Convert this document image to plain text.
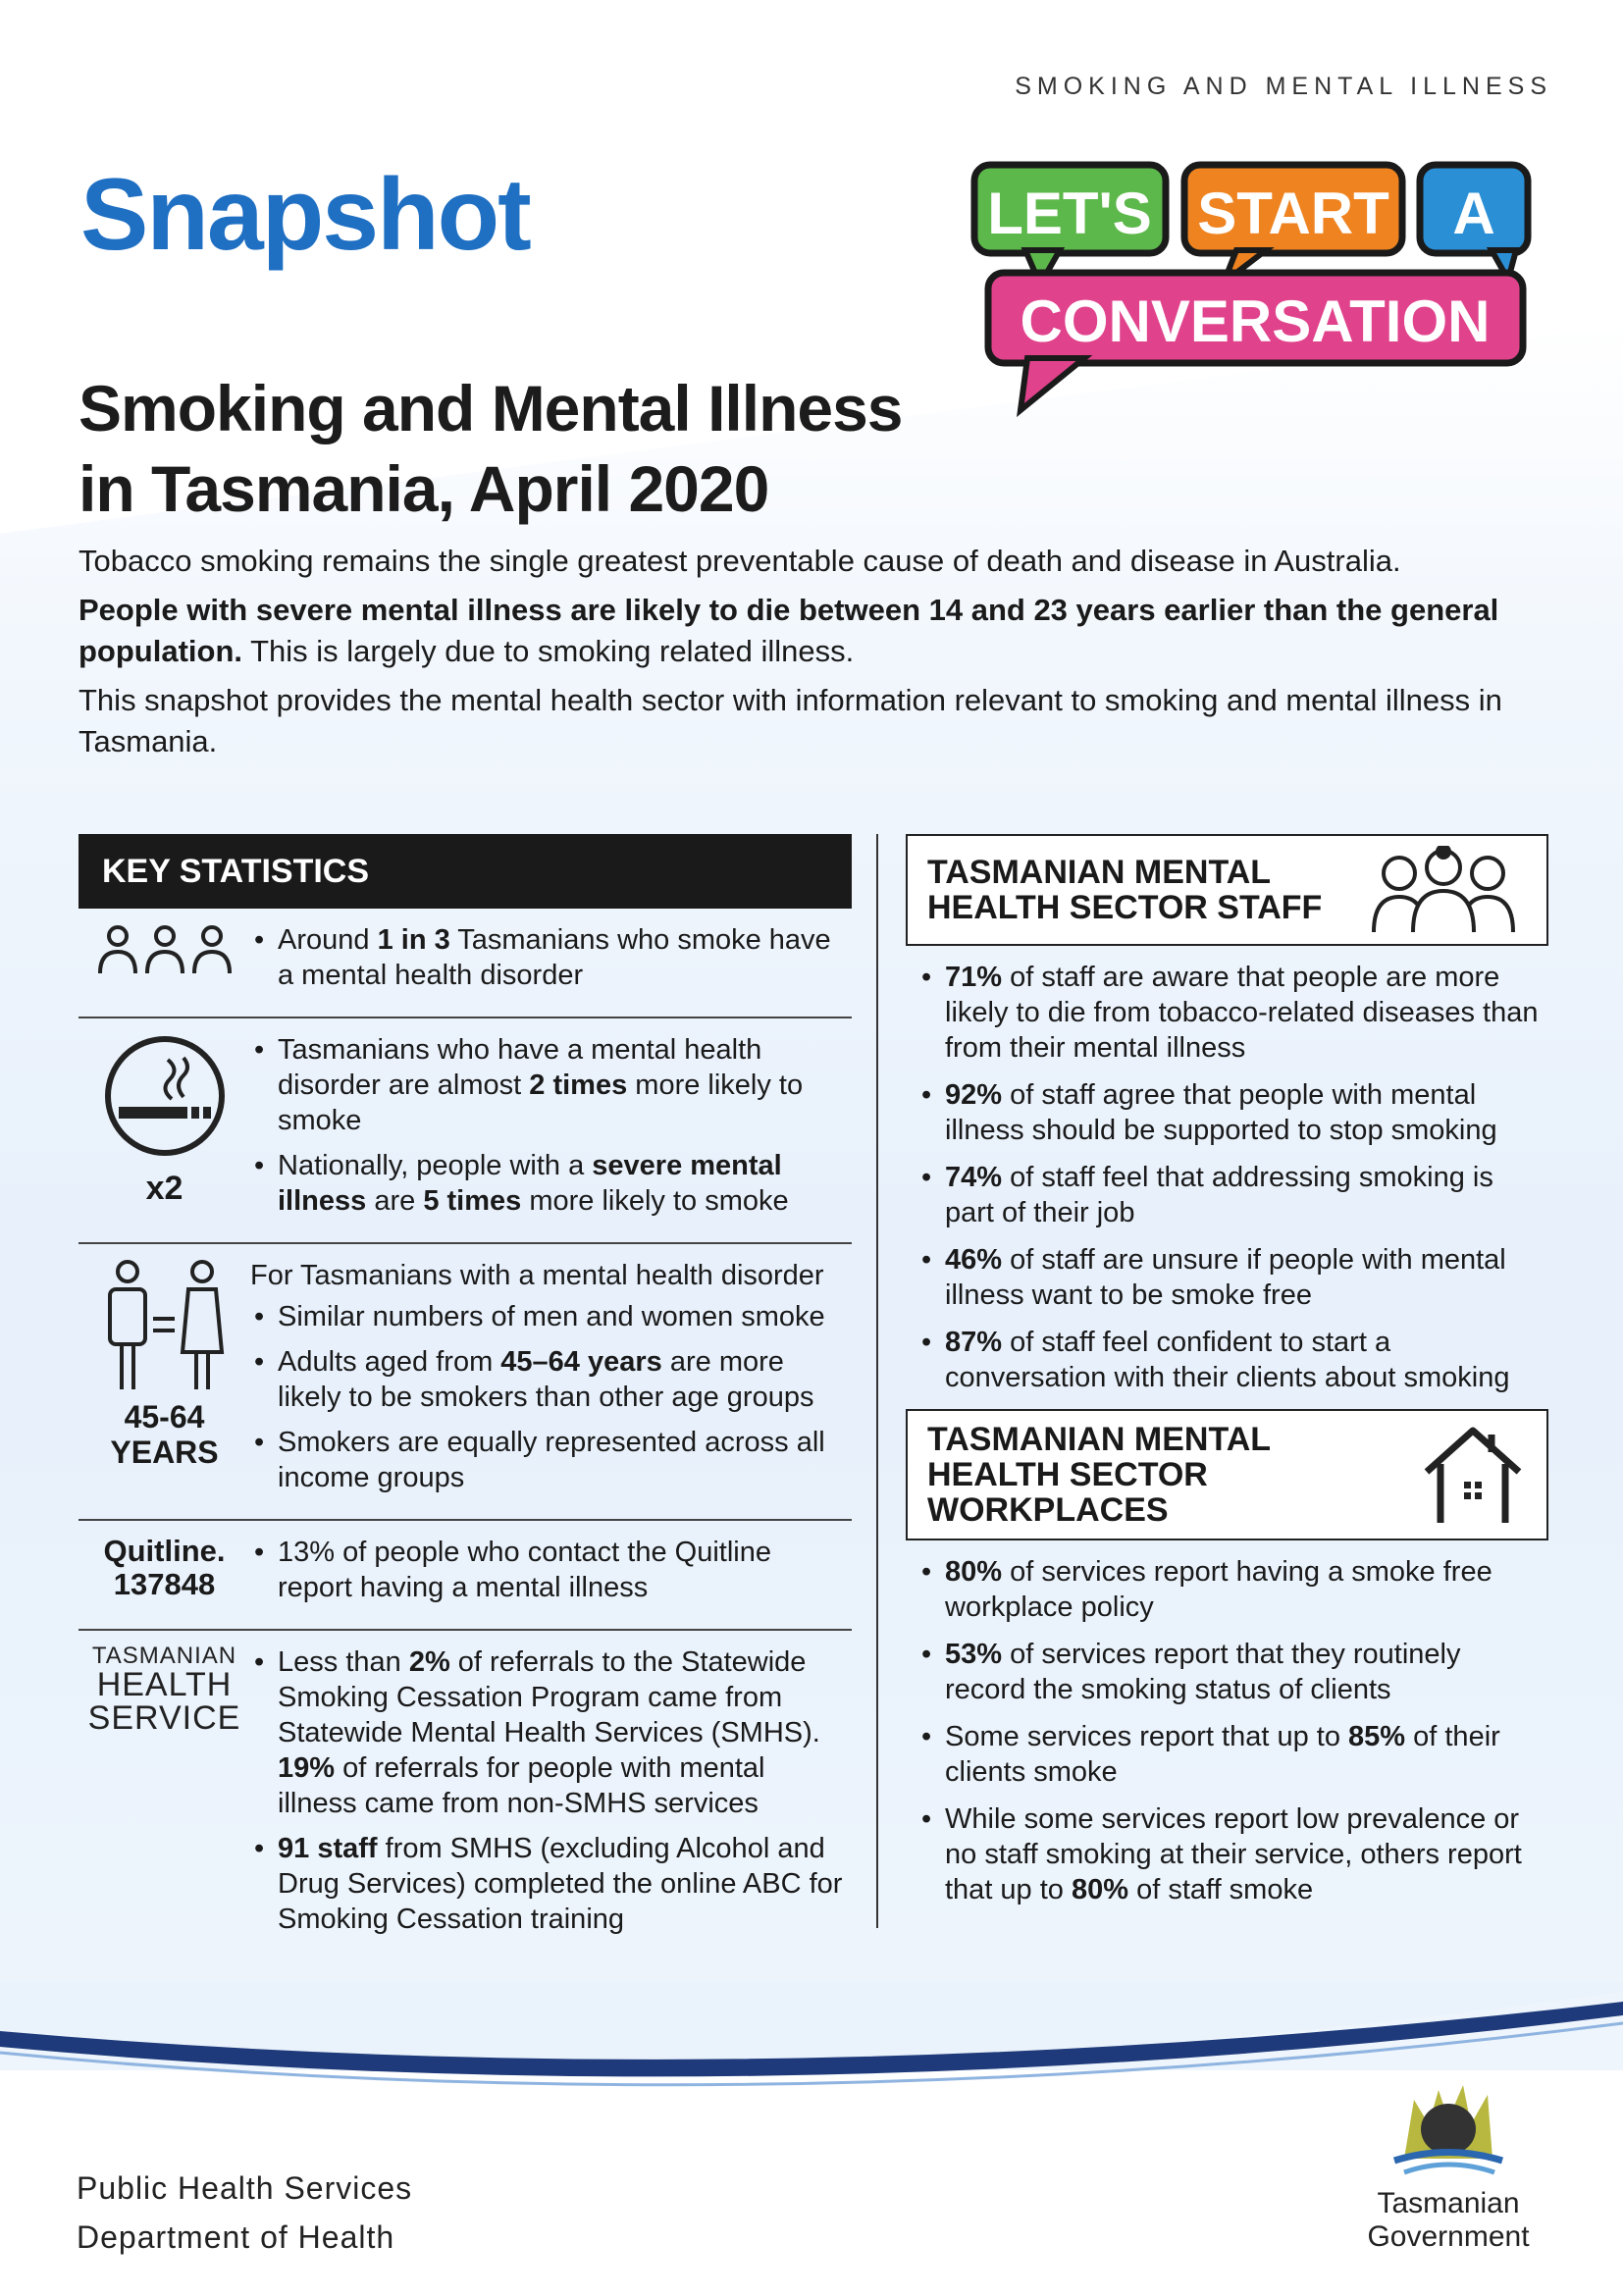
SMOKING AND MENTAL ILLNESS
Snapshot	LET'S START A
CONVERSATION
Smoking and Mental Illness
in Tasmania, April 2020

Tobacco smoking remains the single greatest preventable cause of death and disease in Australia.

People with severe mental illness are likely to die between 14 and 23 years earlier than the general population. This is largely due to smoking related illness.

This snapshot provides the mental health sector with information relevant to smoking and mental illness in Tasmania.

KEY STATISTICS
• Around 1 in 3 Tasmanians who smoke have a mental health disorder
x2
• Tasmanians who have a mental health disorder are almost 2 times more likely to smoke
• Nationally, people with a severe mental illness are 5 times more likely to smoke
45-64
YEARS

For Tasmanians with a mental health disorder

• Similar numbers of men and women smoke
• Adults aged from 45–64 years are more likely to be smokers than other age groups
• Smokers are equally represented across all income groups
Quitline.
137848
• 13% of people who contact the Quitline report having a mental illness
TASMANIAN
HEALTH
SERVICE
• Less than 2% of referrals to the Statewide Smoking Cessation Program came from Statewide Mental Health Services (SMHS). 19% of referrals for people with mental illness came from non-SMHS services
• 91 staff from SMHS (excluding Alcohol and Drug Services) completed the online ABC for Smoking Cessation training
TASMANIAN MENTAL
HEALTH SECTOR STAFF
• 71% of staff are aware that people are more likely to die from tobacco-related diseases than from their mental illness
• 92% of staff agree that people with mental illness should be supported to stop smoking
• 74% of staff feel that addressing smoking is part of their job
• 46% of staff are unsure if people with mental illness want to be smoke free
• 87% of staff feel confident to start a conversation with their clients about smoking
TASMANIAN MENTAL
HEALTH SECTOR
WORKPLACES
• 80% of services report having a smoke free workplace policy
• 53% of services report that they routinely record the smoking status of clients
• Some services report that up to 85% of their clients smoke
• While some services report low prevalence or no staff smoking at their service, others report that up to 80% of staff smoke
Public Health Services
Department of Health
Tasmanian
Government
